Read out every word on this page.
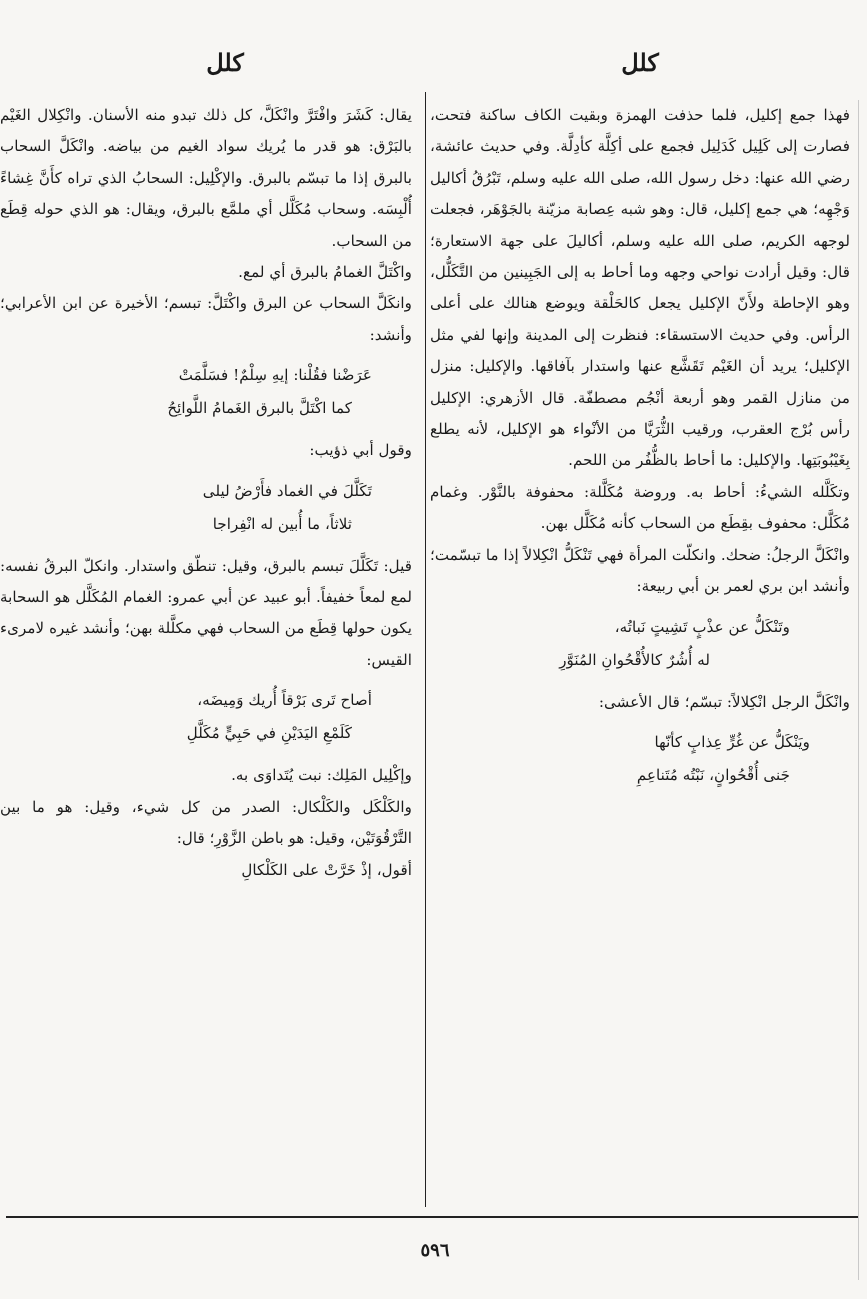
كلل
كلل

فهذا جمع إكليل، فلما حذفت الهمزة وبقيت الكاف ساكنة فتحت، فصارت إلى كَلِيل كَدَلِيل فجمع على أكِلَّة كأدِلَّة. وفي حديث عائشة، رضي الله عنها: دخل رسول الله، صلى الله عليه وسلم، تَبْرُقُ أكاليل وَجْهِه؛ هي جمع إكليل، قال: وهو شبه عِصابة مزيّنة بالجَوْهَر، فجعلت لوجهه الكريم، صلى الله عليه وسلم، أكاليلَ على جهة الاستعارة؛ قال: وقيل أرادت نواحي وجهه وما أحاط به إلى الجَبِينين من التَّكَلُّل، وهو الإحاطة ولأَنّ الإكليل يجعل كالحَلْقة ويوضع هنالك على أعلى الرأس. وفي حديث الاستسقاء: فنظرت إلى المدينة وإنها لفي مثل الإكليل؛ يريد أن الغَيْم تَقَشَّع عنها واستدار بآفاقها. والإكليل: منزل من منازل القمر وهو أربعة أنْجُم مصطفّة. قال الأزهري: الإكليل رأس بُرْج العقرب، ورقيب الثُّرَيَّا من الأنْواء هو الإكليل، لأنه يطلع بِغَيْبُوبَتِها. والإكليل: ما أحاط بالظُّفُر من اللحم.

وتكَلَّله الشيءُ: أحاط به. وروضة مُكَلَّلة: محفوفة بالنَّوْر. وغمام مُكَلَّل: محفوف بقِطَع من السحاب كأنه مُكَلَّل بهن.

وانْكَلَّ الرجلُ: ضحك. وانكلّت المرأة فهي تَنْكَلُّ انْكِلالاً إذا ما تبسّمت؛ وأنشد ابن بري لعمر بن أبي ربيعة:

وتَنْكَلُّ عن عذْبٍ تَشِيتٍ نَباتُه،
له أُشُرٌ كالأُقْحُوانِ المُنَوَّرِ

وانْكَلَّ الرجل انْكِلالاً: تبسّم؛ قال الأعشى:

ويَنْكَلُّ عن غُرٍّ عِذابٍ كأنّها
جَنى أُقْحُوانٍ، نَبْتُه مُتَناعِمِ

يقال: كَشَرَ وافْتَرَّ وانْكَلَّ، كل ذلك تبدو منه الأسنان. وانْكِلال الغَيْم بالبَرْق: هو قدر ما يُريك سواد الغيم من بياضه. وانْكَلَّ السحاب بالبرق إذا ما تبسّم بالبرق. والإكْلِيل: السحابُ الذي تراه كأَنَّ غِشاءً أُلْبِسَه. وسحاب مُكَلَّل أي ملمَّع بالبرق، ويقال: هو الذي حوله قِطَع من السحاب.

واكْتَلَّ الغمامُ بالبرق أي لمع.

وانكَلَّ السحاب عن البرق واكْتَلَّ: تبسم؛ الأخيرة عن ابن الأعرابي؛ وأنشد:

عَرَضْنا فقُلْنا: إيهِ سِلْمٌ! فسَلَّمَتْ
كما اكْتَلَّ بالبرق الغَمامُ اللَّوائِحُ

وقول أبي ذؤيب:

تَكَلَّلَ في الغماد فأَرْضُ ليلى
ثلاثاً، ما أُبين له انْفِراجا

قيل: تَكَلَّلَ تبسم بالبرق، وقيل: تنطّق واستدار. وانكلّ البرقُ نفسه: لمع لمعاً خفيفاً. أبو عبيد عن أبي عمرو: الغمام المُكَلَّل هو السحابة يكون حولها قِطَع من السحاب فهي مكلَّلة بهن؛ وأنشد غيره لامرىء القيس:

أصاح تَرى بَرْقاً أُريك وَمِيضَه،
كَلَمْعِ اليَدَيْنِ في حَبِيٍّ مُكَلَّلِ

وإكْلِيل المَلِك: نبت يُتَداوَى به.

والكَلْكَل والكَلْكال: الصدر من كل شيء، وقيل: هو ما بين التَّرْقُوَتَيْن، وقيل: هو باطن الزَّوْرِ؛ قال:

أقول، إذْ خَرَّتْ على الكَلْكالِ

٥٩٦
